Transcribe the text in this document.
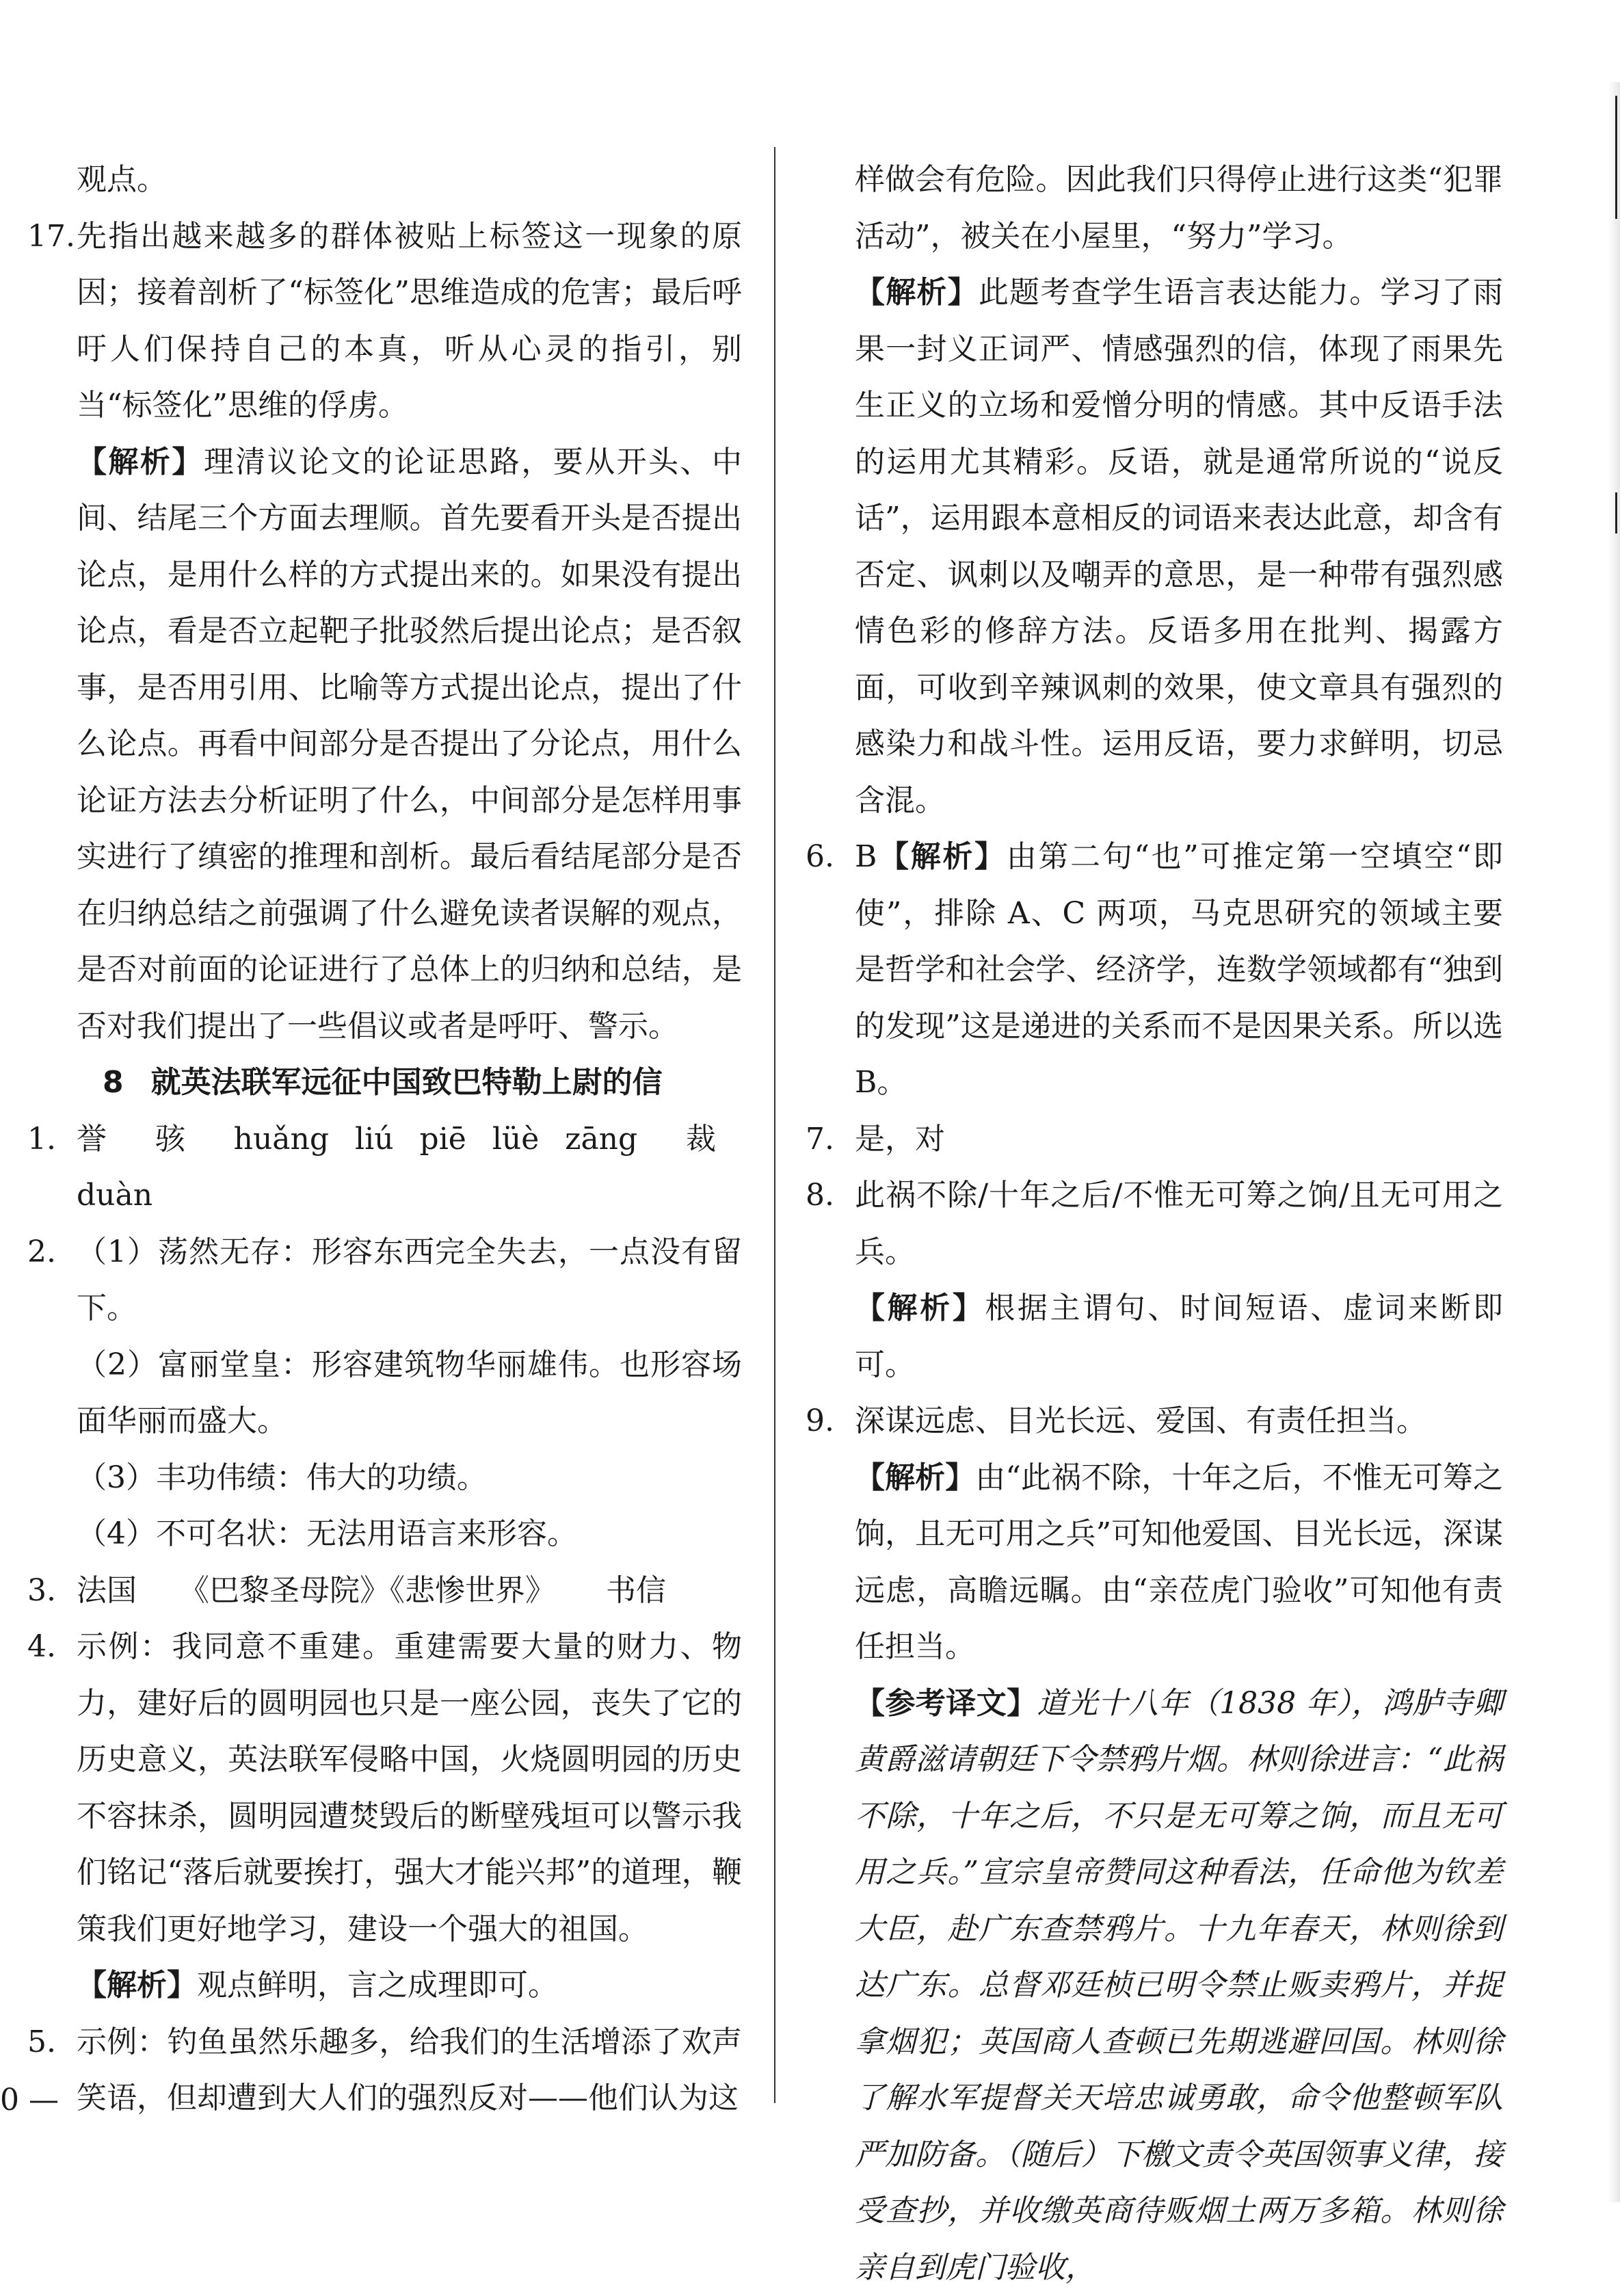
观点。
17. 先指出越来越多的群体被贴上标签这一现象的原因；接着剖析了“标签化”思维造成的危害；最后呼吁人们保持自己的本真，听从心灵的指引，别当“标签化”思维的俘虏。
【解析】理清议论文的论证思路，要从开头、中间、结尾三个方面去理顺。首先要看开头是否提出论点，是用什么样的方式提出来的。如果没有提出论点，看是否立起靶子批驳然后提出论点；是否叙事，是否用引用、比喻等方式提出论点，提出了什么论点。再看中间部分是否提出了分论点，用什么论证方法去分析证明了什么，中间部分是怎样用事实进行了缜密的推理和剖析。最后看结尾部分是否在归纳总结之前强调了什么避免读者误解的观点，是否对前面的论证进行了总体上的归纳和总结，是否对我们提出了一些倡议或者是呼吁、警示。
8 就英法联军远征中国致巴特勒上尉的信
1. 誉 骇 huǎng liú piē lüè zāng 裁duàn
2. （1）荡然无存：形容东西完全失去，一点没有留下。
（2）富丽堂皇：形容建筑物华丽雄伟。也形容场面华丽而盛大。
（3）丰功伟绩：伟大的功绩。
（4）不可名状：无法用语言来形容。
3. 法国 《巴黎圣母院》《悲惨世界》 书信
4. 示例：我同意不重建。重建需要大量的财力、物力，建好后的圆明园也只是一座公园，丧失了它的历史意义，英法联军侵略中国，火烧圆明园的历史不容抹杀，圆明园遭焚毁后的断壁残垣可以警示我们铭记“落后就要挨打，强大才能兴邦”的道理，鞭策我们更好地学习，建设一个强大的祖国。
【解析】观点鲜明，言之成理即可。
5. 示例：钓鱼虽然乐趣多，给我们的生活增添了欢声笑语，但却遭到大人们的强烈反对——他们认为这
样做会有危险。因此我们只得停止进行这类“犯罪活动”，被关在小屋里，“努力”学习。
【解析】此题考查学生语言表达能力。学习了雨果一封义正词严、情感强烈的信，体现了雨果先生正义的立场和爱憎分明的情感。其中反语手法的运用尤其精彩。反语，就是通常所说的“说反话”，运用跟本意相反的词语来表达此意，却含有否定、讽刺以及嘲弄的意思，是一种带有强烈感情色彩的修辞方法。反语多用在批判、揭露方面，可收到辛辣讽刺的效果，使文章具有强烈的感染力和战斗性。运用反语，要力求鲜明，切忌含混。
6. B【解析】由第二句“也”可推定第一空填空“即使”，排除 A、C 两项，马克思研究的领域主要是哲学和社会学、经济学，连数学领域都有“独到的发现”这是递进的关系而不是因果关系。所以选 B。
7. 是，对
8. 此祸不除/十年之后/不惟无可筹之饷/且无可用之兵。
【解析】根据主谓句、时间短语、虚词来断即可。
9. 深谋远虑、目光长远、爱国、有责任担当。
【解析】由“此祸不除，十年之后，不惟无可筹之饷，且无可用之兵”可知他爱国、目光长远，深谋远虑，高瞻远瞩。由“亲莅虎门验收”可知他有责任担当。
【参考译文】道光十八年（1838 年），鸿胪寺卿黄爵滋请朝廷下令禁鸦片烟。林则徐进言：“此祸不除，十年之后，不只是无可筹之饷，而且无可用之兵。”宣宗皇帝赞同这种看法，任命他为钦差大臣，赴广东查禁鸦片。十九年春天，林则徐到达广东。总督邓廷桢已明令禁止贩卖鸦片，并捉拿烟犯；英国商人查顿已先期逃避回国。林则徐了解水军提督关天培忠诚勇敢，命令他整顿军队严加防备。（随后）下檄文责令英国领事义律，接受查抄，并收缴英商待贩烟土两万多箱。林则徐亲自到虎门验收，
0 —
